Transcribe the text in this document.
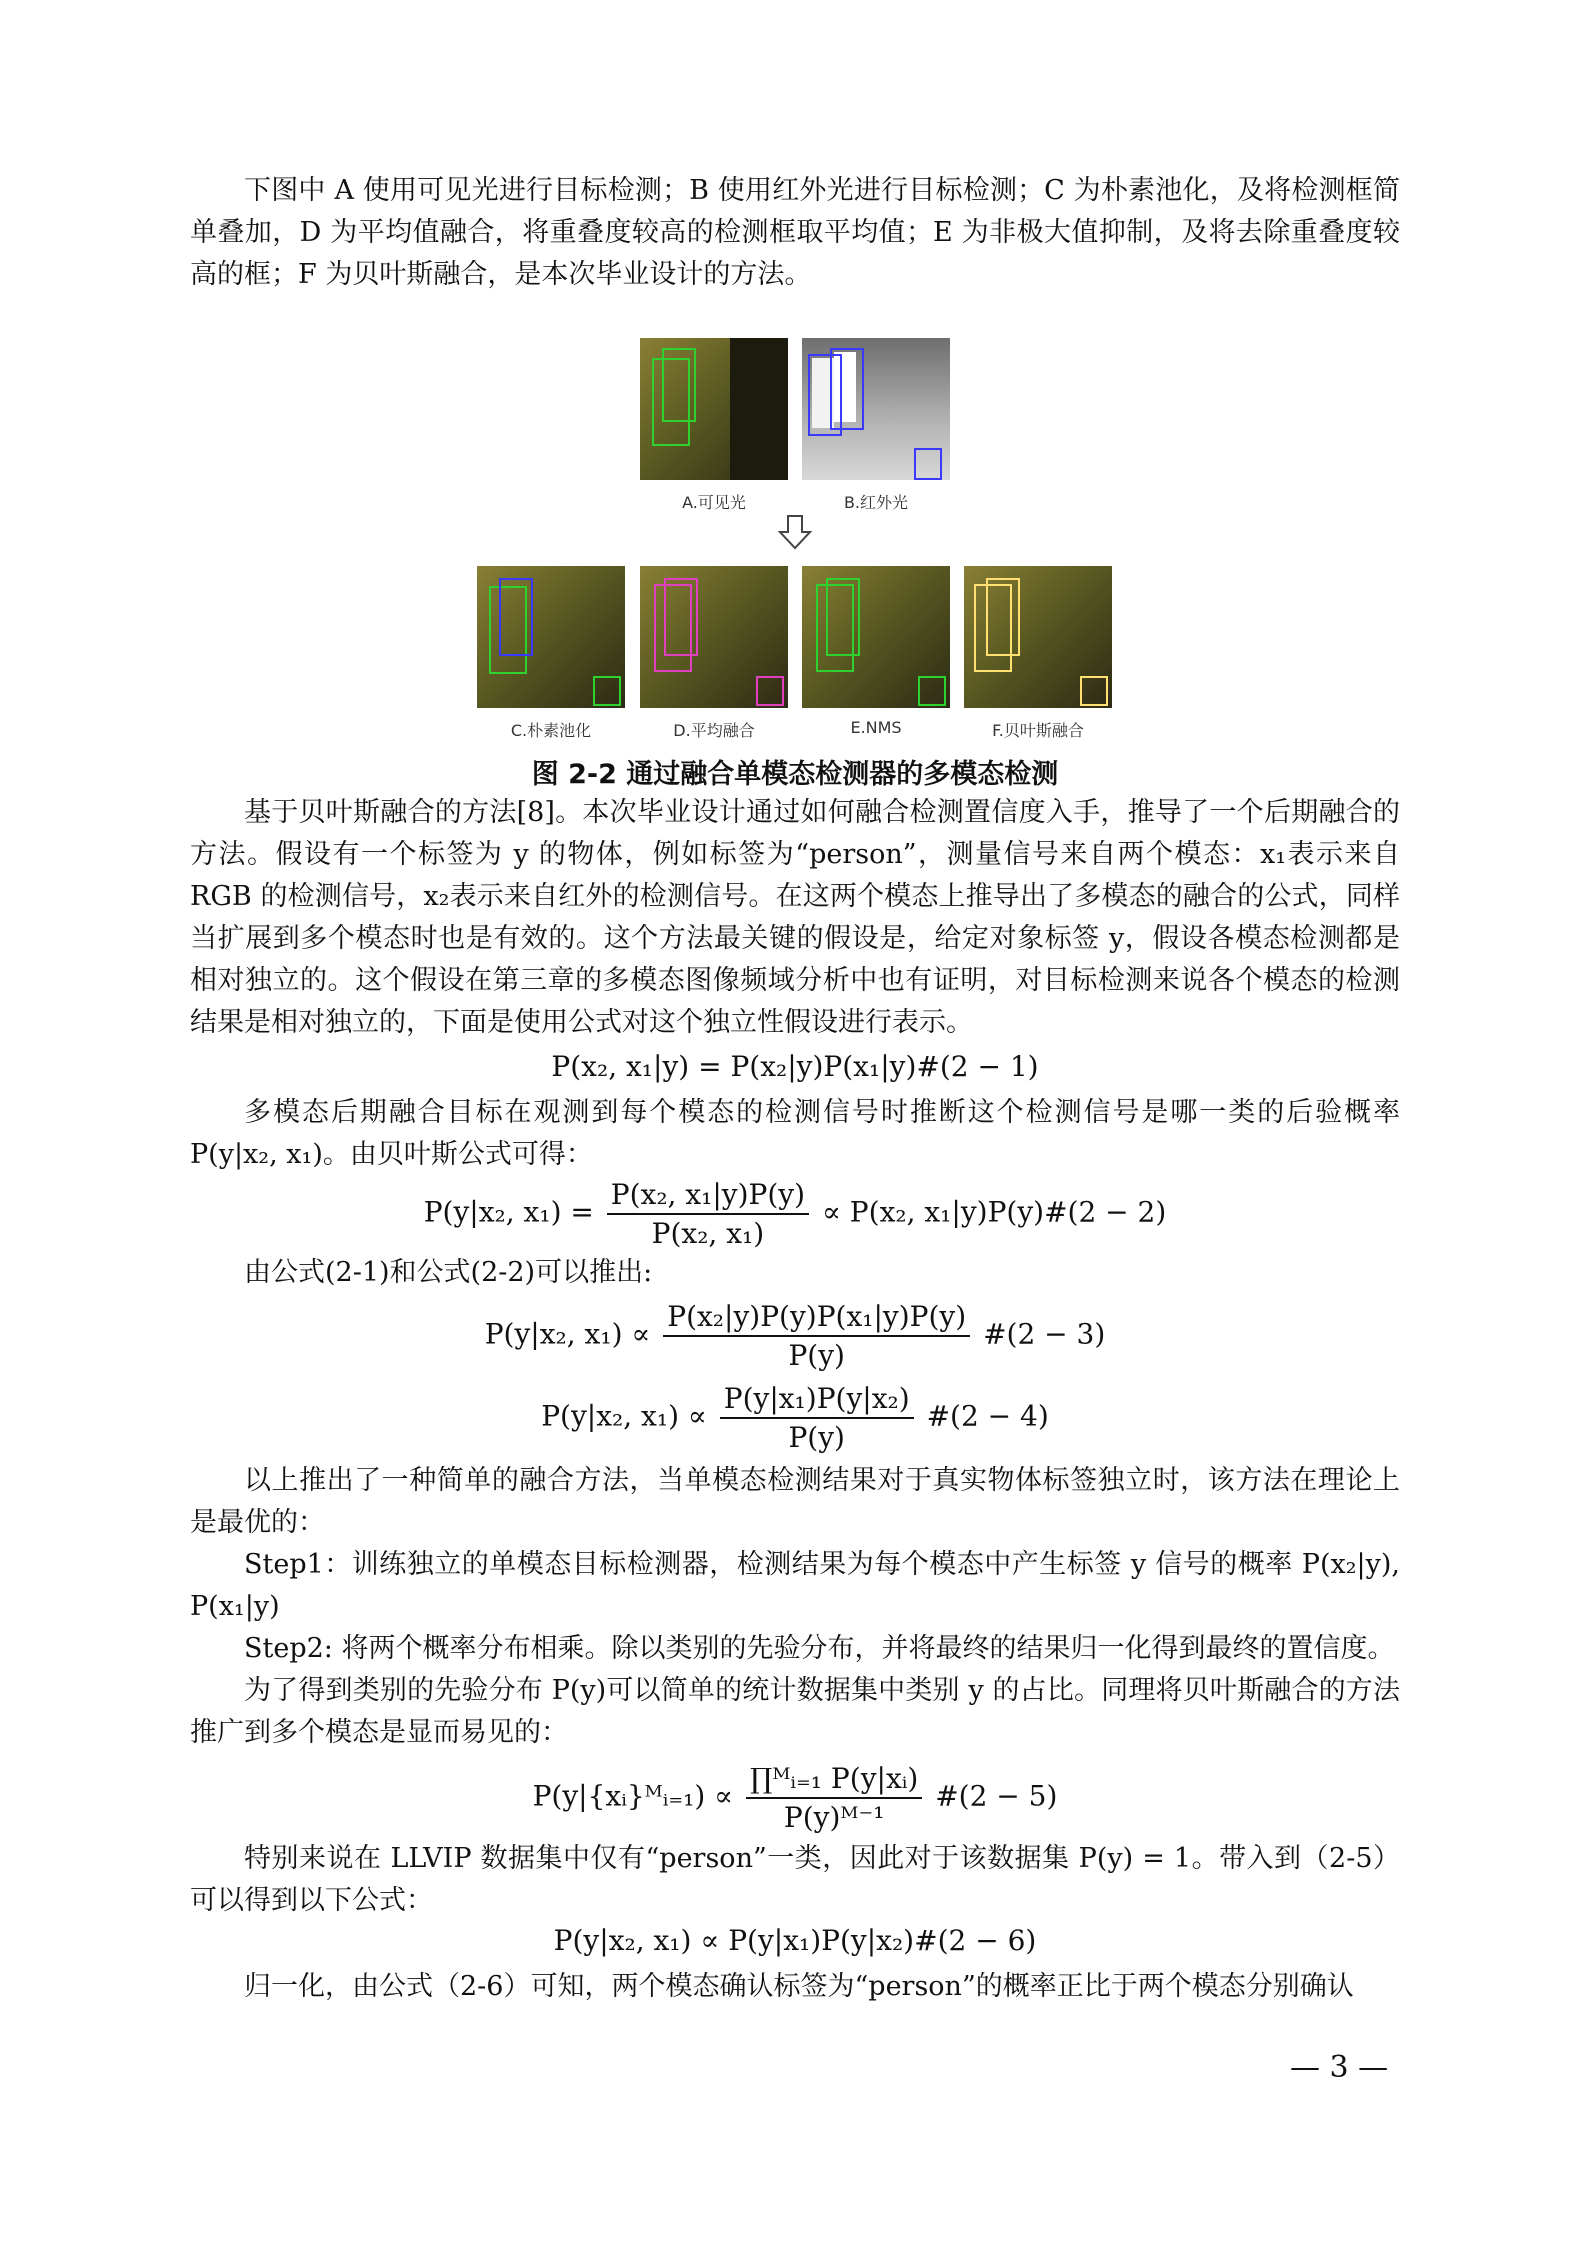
下图中 A 使用可见光进行目标检测；B 使用红外光进行目标检测；C 为朴素池化，及将检测框简单叠加，D 为平均值融合，将重叠度较高的检测框取平均值；E 为非极大值抑制，及将去除重叠度较高的框；F 为贝叶斯融合，是本次毕业设计的方法。

A.可见光	B.红外光
C.朴素池化	D.平均融合	E.NMS	F.贝叶斯融合
图 2-2 通过融合单模态检测器的多模态检测

基于贝叶斯融合的方法[8]。本次毕业设计通过如何融合检测置信度入手，推导了一个后期融合的方法。假设有一个标签为 y 的物体，例如标签为“person”，测量信号来自两个模态：x₁表示来自 RGB 的检测信号，x₂表示来自红外的检测信号。在这两个模态上推导出了多模态的融合的公式，同样当扩展到多个模态时也是有效的。这个方法最关键的假设是，给定对象标签 y，假设各模态检测都是相对独立的。这个假设在第三章的多模态图像频域分析中也有证明，对目标检测来说各个模态的检测结果是相对独立的，下面是使用公式对这个独立性假设进行表示。

P(x₂, x₁|y) = P(x₂|y)P(x₁|y)#(2 − 1)

多模态后期融合目标在观测到每个模态的检测信号时推断这个检测信号是哪一类的后验概率 P(y|x₂, x₁)。由贝叶斯公式可得：

P(y|x₂, $x_1) = \frac{\text{P(x₂, x₁|y)P(y)}}{\text{P(x₂, x₁)}} \propto P(x_2$, x₁|y)P(y)#(2 − 2)

由公式(2-1)和公式(2-2)可以推出:

P(y|x₂, $x_1) \propto \frac{\text{P(x₂|y)P(y)P(x₁|y)P(y)}}{P(y)}$ #(2 − 3)
P(y|x₂, $x_1) \propto \frac{\text{P(y|x₁)P(y|x₂)}}{P(y)}$ #(2 − 4)

以上推出了一种简单的融合方法，当单模态检测结果对于真实物体标签独立时，该方法在理论上是最优的：

Step1：训练独立的单模态目标检测器，检测结果为每个模态中产生标签 y 信号的概率 P(x₂|y), P(x₁|y)

Step2: 将两个概率分布相乘。除以类别的先验分布，并将最终的结果归一化得到最终的置信度。

为了得到类别的先验分布 P(y)可以简单的统计数据集中类别 y 的占比。同理将贝叶斯融合的方法推广到多个模态是显而易见的：

P(y|{xᵢ}ᴹᵢ₌₁) ∝ $\frac{\text{∏ᴹᵢ₌₁ P(y|xᵢ)}}{\text{P(y)ᴹ⁻¹}}$ #(2 − 5)

特别来说在 LLVIP 数据集中仅有“person”一类，因此对于该数据集 P(y) = 1。带入到（2-5）可以得到以下公式：

P(y|x₂, x₁) ∝ P(y|x₁)P(y|x₂)#(2 − 6)

归一化，由公式（2-6）可知，两个模态确认标签为“person”的概率正比于两个模态分别确认

— 3 —
